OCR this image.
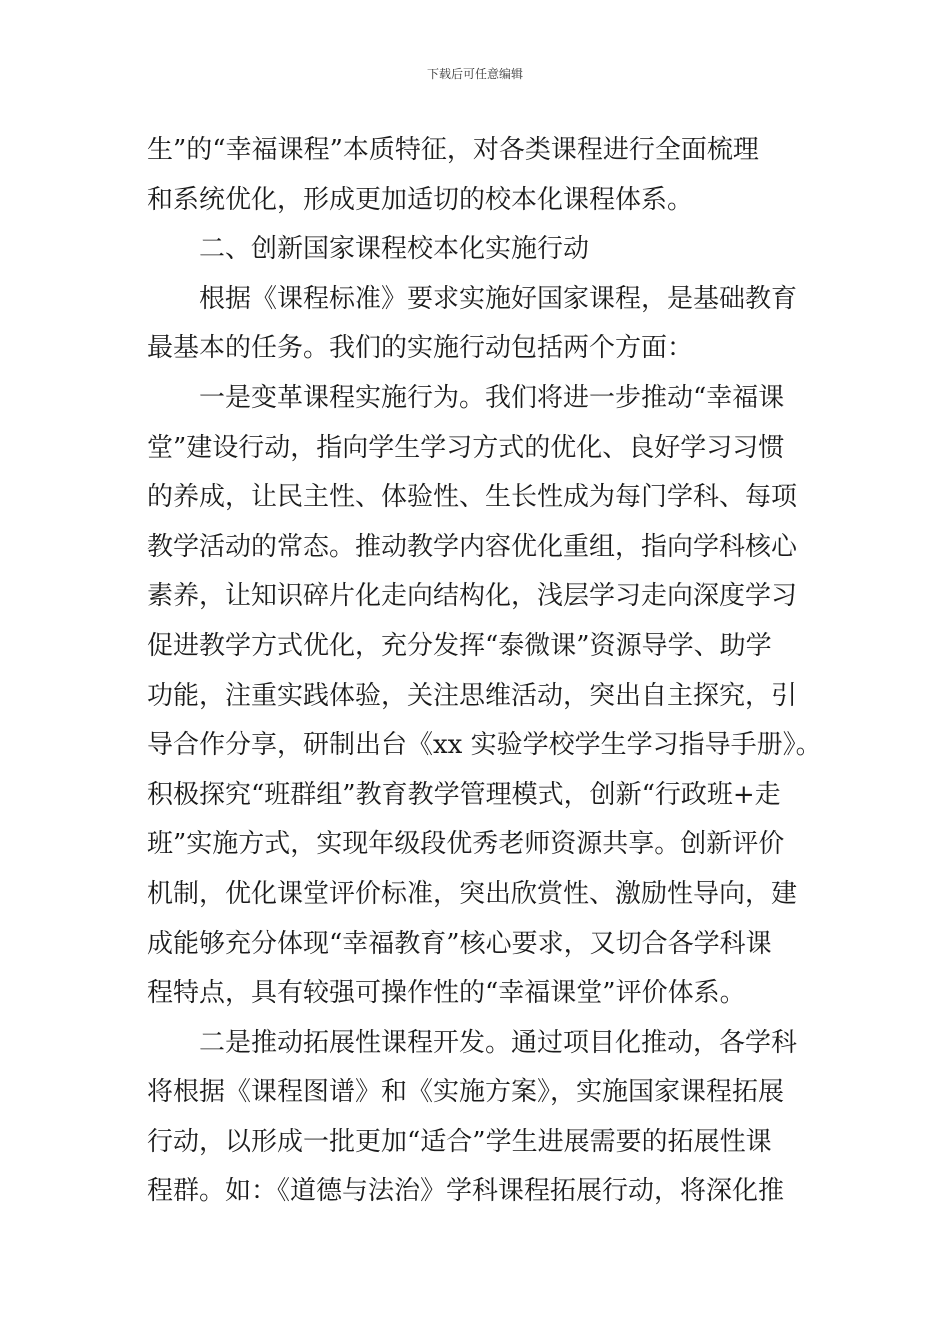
下载后可任意编辑
生”的“幸福课程”本质特征，对各类课程进行全面梳理
和系统优化，形成更加适切的校本化课程体系。
二、创新国家课程校本化实施行动
根据《课程标准》要求实施好国家课程，是基础教育
最基本的任务。我们的实施行动包括两个方面：
一是变革课程实施行为。我们将进一步推动“幸福课
堂”建设行动，指向学生学习方式的优化、良好学习习惯
的养成，让民主性、体验性、生长性成为每门学科、每项
教学活动的常态。推动教学内容优化重组，指向学科核心
素养，让知识碎片化走向结构化，浅层学习走向深度学习
促进教学方式优化，充分发挥“泰微课”资源导学、助学
功能，注重实践体验，关注思维活动，突出自主探究，引
导合作分享，研制出台《xx 实验学校学生学习指导手册》。
积极探究“班群组”教育教学管理模式，创新“行政班+走
班”实施方式，实现年级段优秀老师资源共享。创新评价
机制，优化课堂评价标准，突出欣赏性、激励性导向，建
成能够充分体现“幸福教育”核心要求，又切合各学科课
程特点，具有较强可操作性的“幸福课堂”评价体系。
二是推动拓展性课程开发。通过项目化推动，各学科
将根据《课程图谱》和《实施方案》，实施国家课程拓展
行动，以形成一批更加“适合”学生进展需要的拓展性课
程群。如：《道德与法治》学科课程拓展行动，将深化推
